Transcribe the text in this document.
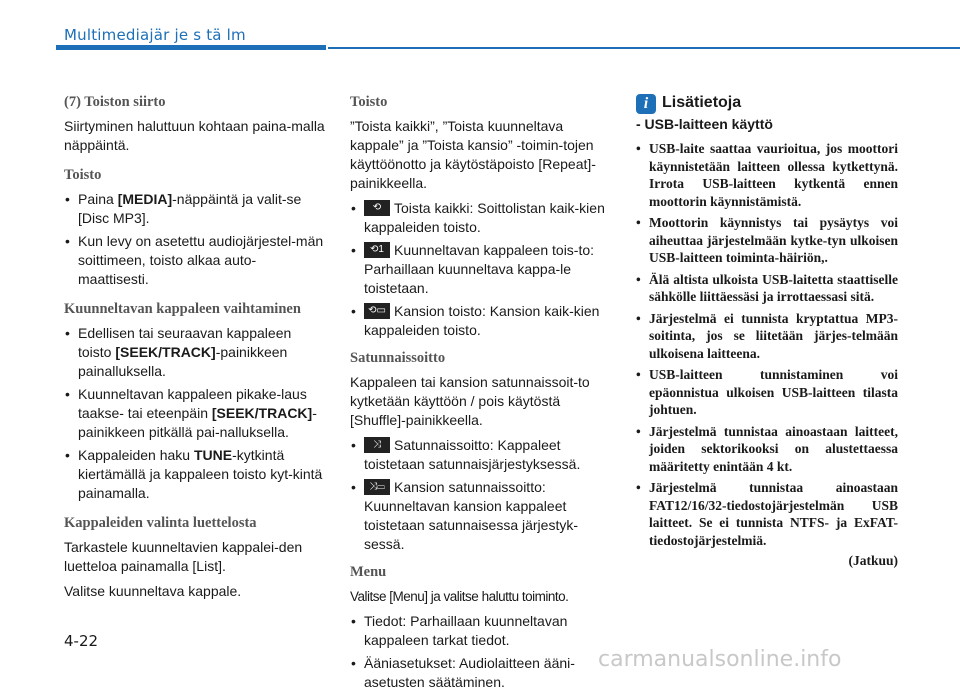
Multimediajär je s tä lm
(7) Toiston siirto

Siirtyminen haluttuun kohtaan paina-malla näppäintä.

Toisto
• Paina [MEDIA]-näppäintä ja valit-se [Disc MP3].
• Kun levy on asetettu audiojärjestel-män soittimeen, toisto alkaa auto-maattisesti.
Kuunneltavan kappaleen vaihtaminen
• Edellisen tai seuraavan kappaleen toisto [SEEK/TRACK]-painikkeen painalluksella.
• Kuunneltavan kappaleen pikake-laus taakse- tai eteenpäin [SEEK/TRACK]-painikkeen pitkällä pai-nalluksella.
• Kappaleiden haku TUNE-kytkintä kiertämällä ja kappaleen toisto kyt-kintä painamalla.
Kappaleiden valinta luettelosta

Tarkastele kuunneltavien kappalei-den luetteloa painamalla [List].

Valitse kuunneltava kappale.

Toisto

”Toista kaikki”, ”Toista kuunneltava kappale” ja ”Toista kansio” -toimin-tojen käyttöönotto ja käytöstäpoisto [Repeat]-painikkeella.

• ⟲ Toista kaikki: Soittolistan kaik-kien kappaleiden toisto.
• ⟲1 Kuunneltavan kappaleen tois-to: Parhaillaan kuunneltava kappa-le toistetaan.
• ⟲▭ Kansion toisto: Kansion kaik-kien kappaleiden toisto.
Satunnaissoitto

Kappaleen tai kansion satunnaissoit-to kytketään käyttöön / pois käytöstä [Shuffle]-painikkeella.

• ⤨ Satunnaissoitto: Kappaleet toistetaan satunnaisjärjestyksessä.
• ⤨▭ Kansion satunnaissoitto: Kuunneltavan kansion kappaleet toistetaan satunnaisessa järjestyk-sessä.
Menu

Valitse [Menu] ja valitse haluttu toiminto.

• Tiedot: Parhaillaan kuunneltavan kappaleen tarkat tiedot.
• Ääniasetukset: Audiolaitteen ääni-asetusten säätäminen.
i Lisätietoja
- USB-laitteen käyttö
• USB-laite saattaa vaurioitua, jos moottori käynnistetään laitteen ollessa kytkettynä. Irrota USB-laitteen kytkentä ennen moottorin käynnistämistä.
• Moottorin käynnistys tai pysäytys voi aiheuttaa järjestelmään kytke-tyn ulkoisen USB-laitteen toiminta-häiriön,.
• Älä altista ulkoista USB-laitetta staattiselle sähkölle liittäessäsi ja irrottaessasi sitä.
• Järjestelmä ei tunnista kryptattua MP3-soitinta, jos se liitetään järjes-telmään ulkoisena laitteena.
• USB-laitteen tunnistaminen voi epäonnistua ulkoisen USB-laitteen tilasta johtuen.
• Järjestelmä tunnistaa ainoastaan laitteet, joiden sektorikooksi on alustettaessa määritetty enintään 4 kt.
• Järjestelmä tunnistaa ainoastaan FAT12/16/32-tiedostojärjestelmän USB laitteet. Se ei tunnista NTFS- ja ExFAT-tiedostojärjestelmiä.
(Jatkuu)
4-22
carmanualsonline.info
